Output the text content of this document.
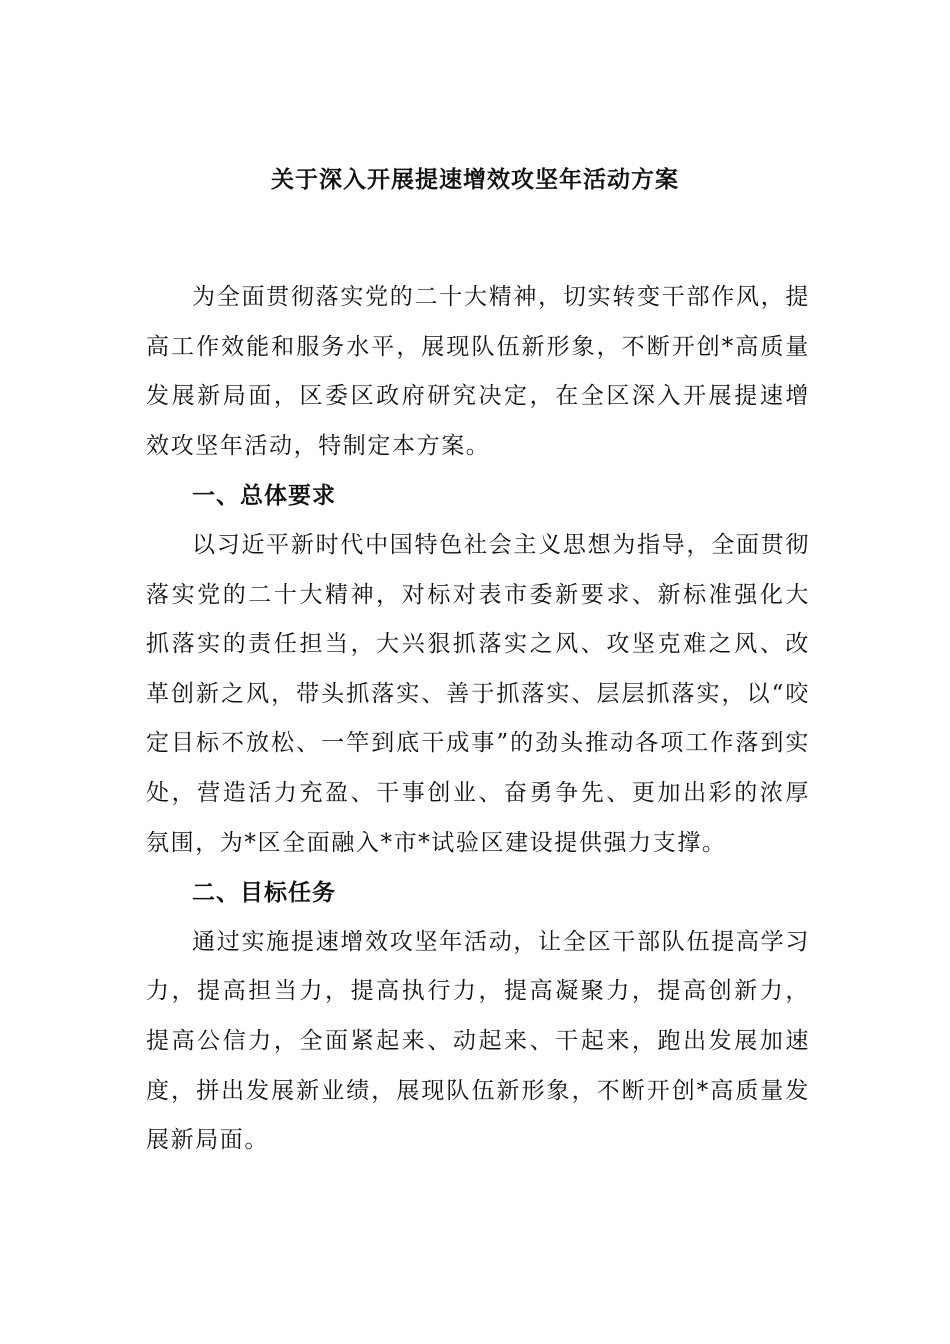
关于深入开展提速增效攻坚年活动方案

为全面贯彻落实党的二十大精神，切实转变干部作风，提高工作效能和服务水平，展现队伍新形象，不断开创*高质量发展新局面，区委区政府研究决定，在全区深入开展提速增效攻坚年活动，特制定本方案。

一、总体要求

以习近平新时代中国特色社会主义思想为指导，全面贯彻落实党的二十大精神，对标对表市委新要求、新标准强化大抓落实的责任担当，大兴狠抓落实之风、攻坚克难之风、改革创新之风，带头抓落实、善于抓落实、层层抓落实，以“咬定目标不放松、一竿到底干成事”的劲头推动各项工作落到实处，营造活力充盈、干事创业、奋勇争先、更加出彩的浓厚氛围，为*区全面融入*市*试验区建设提供强力支撑。

二、目标任务

通过实施提速增效攻坚年活动，让全区干部队伍提高学习力，提高担当力，提高执行力，提高凝聚力，提高创新力，提高公信力，全面紧起来、动起来、干起来，跑出发展加速度，拼出发展新业绩，展现队伍新形象，不断开创*高质量发展新局面。
